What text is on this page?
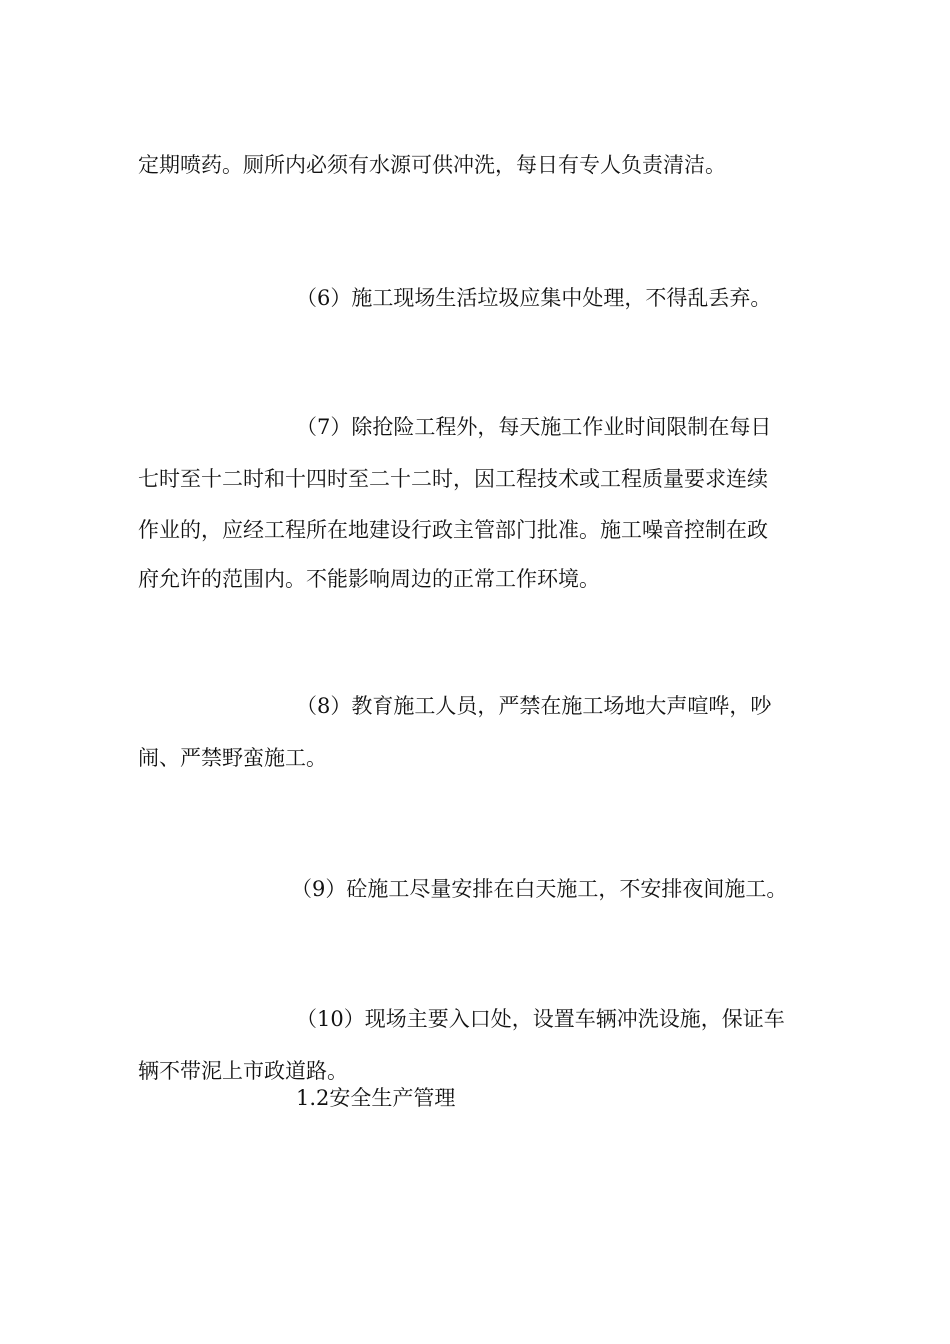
定期喷药。厕所内必须有水源可供冲洗，每日有专人负责清洁。
（6）施工现场生活垃圾应集中处理，不得乱丢弃。
（7）除抢险工程外，每天施工作业时间限制在每日
七时至十二时和十四时至二十二时，因工程技术或工程质量要求连续
作业的，应经工程所在地建设行政主管部门批准。施工噪音控制在政
府允许的范围内。不能影响周边的正常工作环境。
（8）教育施工人员，严禁在施工场地大声喧哗，吵
闹、严禁野蛮施工。
（9）砼施工尽量安排在白天施工，不安排夜间施工。
（10）现场主要入口处，设置车辆冲洗设施，保证车
辆不带泥上市政道路。
1.2安全生产管理
